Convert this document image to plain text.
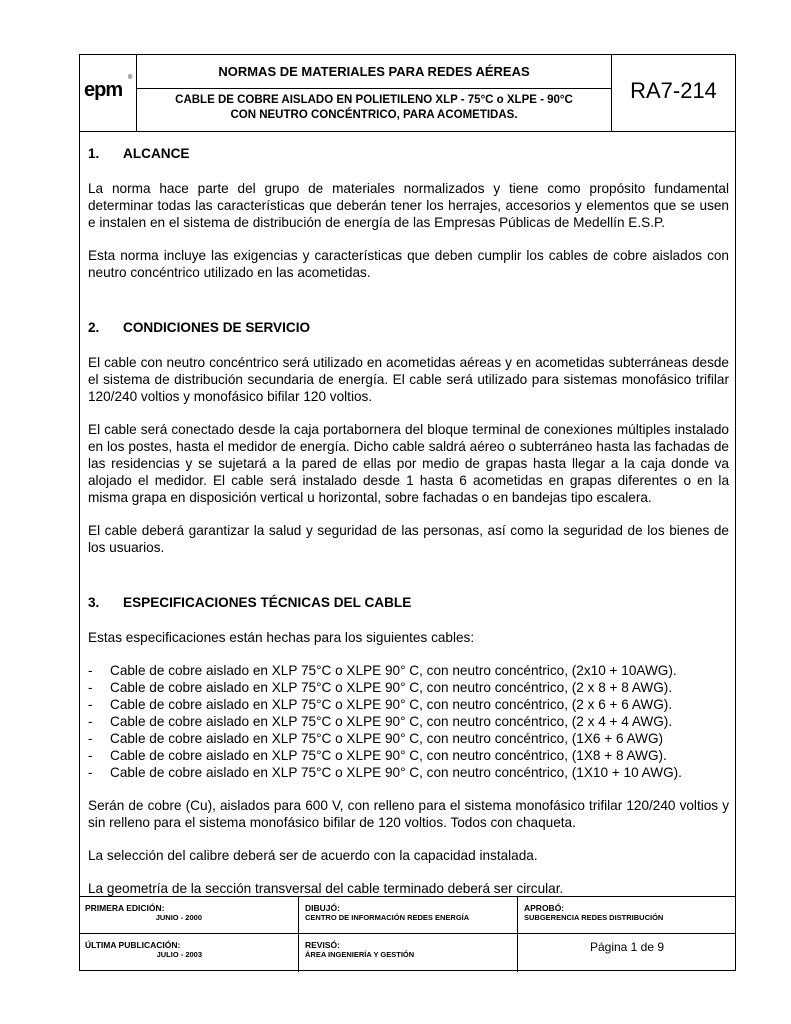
epm
®	NORMAS DE MATERIALES PARA REDES AÉREAS
CABLE DE COBRE AISLADO EN POLIETILENO XLP - 75°C o XLPE - 90°C
CON NEUTRO CONCÉNTRICO, PARA ACOMETIDAS.
RA7-214
1. ALCANCE

La norma hace parte del grupo de materiales normalizados y tiene como propósito fundamental determinar todas las características que deberán tener los herrajes, accesorios y elementos que se usen e instalen en el sistema de distribución de energía de las Empresas Públicas de Medellín E.S.P.

Esta norma incluye las exigencias y características que deben cumplir los cables de cobre aislados con neutro concéntrico utilizado en las acometidas.

2. CONDICIONES DE SERVICIO

El cable con neutro concéntrico será utilizado en acometidas aéreas y en acometidas subterráneas desde el sistema de distribución secundaria de energía. El cable será utilizado para sistemas monofásico trifilar 120/240 voltios y monofásico bifilar 120 voltios.

El cable será conectado desde la caja portabornera del bloque terminal de conexiones múltiples instalado en los postes, hasta el medidor de energía. Dicho cable saldrá aéreo o subterráneo hasta las fachadas de las residencias y se sujetará a la pared de ellas por medio de grapas hasta llegar a la caja donde va alojado el medidor. El cable será instalado desde 1 hasta 6 acometidas en grapas diferentes o en la misma grapa en disposición vertical u horizontal, sobre fachadas o en bandejas tipo escalera.

El cable deberá garantizar la salud y seguridad de las personas, así como la seguridad de los bienes de los usuarios.

3. ESPECIFICACIONES TÉCNICAS DEL CABLE

Estas especificaciones están hechas para los siguientes cables:

- Cable de cobre aislado en XLP 75°C o XLPE 90° C, con neutro concéntrico, (2x10 + 10AWG).
- Cable de cobre aislado en XLP 75°C o XLPE 90° C, con neutro concéntrico, (2 x 8 + 8 AWG).
- Cable de cobre aislado en XLP 75°C o XLPE 90° C, con neutro concéntrico, (2 x 6 + 6 AWG).
- Cable de cobre aislado en XLP 75°C o XLPE 90° C, con neutro concéntrico, (2 x 4 + 4 AWG).
- Cable de cobre aislado en XLP 75°C o XLPE 90° C, con neutro concéntrico, (1X6 + 6 AWG)
- Cable de cobre aislado en XLP 75°C o XLPE 90° C, con neutro concéntrico, (1X8 + 8 AWG).
- Cable de cobre aislado en XLP 75°C o XLPE 90° C, con neutro concéntrico, (1X10 + 10 AWG).

Serán de cobre (Cu), aislados para 600 V, con relleno para el sistema monofásico trifilar 120/240 voltios y sin relleno para el sistema monofásico bifilar de 120 voltios. Todos con chaqueta.

La selección del calibre deberá ser de acuerdo con la capacidad instalada.

La geometría de la sección transversal del cable terminado deberá ser circular.

PRIMERA EDICIÓN:
JUNIO - 2000
DIBUJÓ:
CENTRO DE INFORMACIÓN REDES ENERGÍA
APROBÓ:
SUBGERENCIA REDES DISTRIBUCIÓN
ÚLTIMA PUBLICACIÓN:
JULIO - 2003
REVISÓ:
ÁREA INGENIERÍA Y GESTIÓN
Página 1 de 9
